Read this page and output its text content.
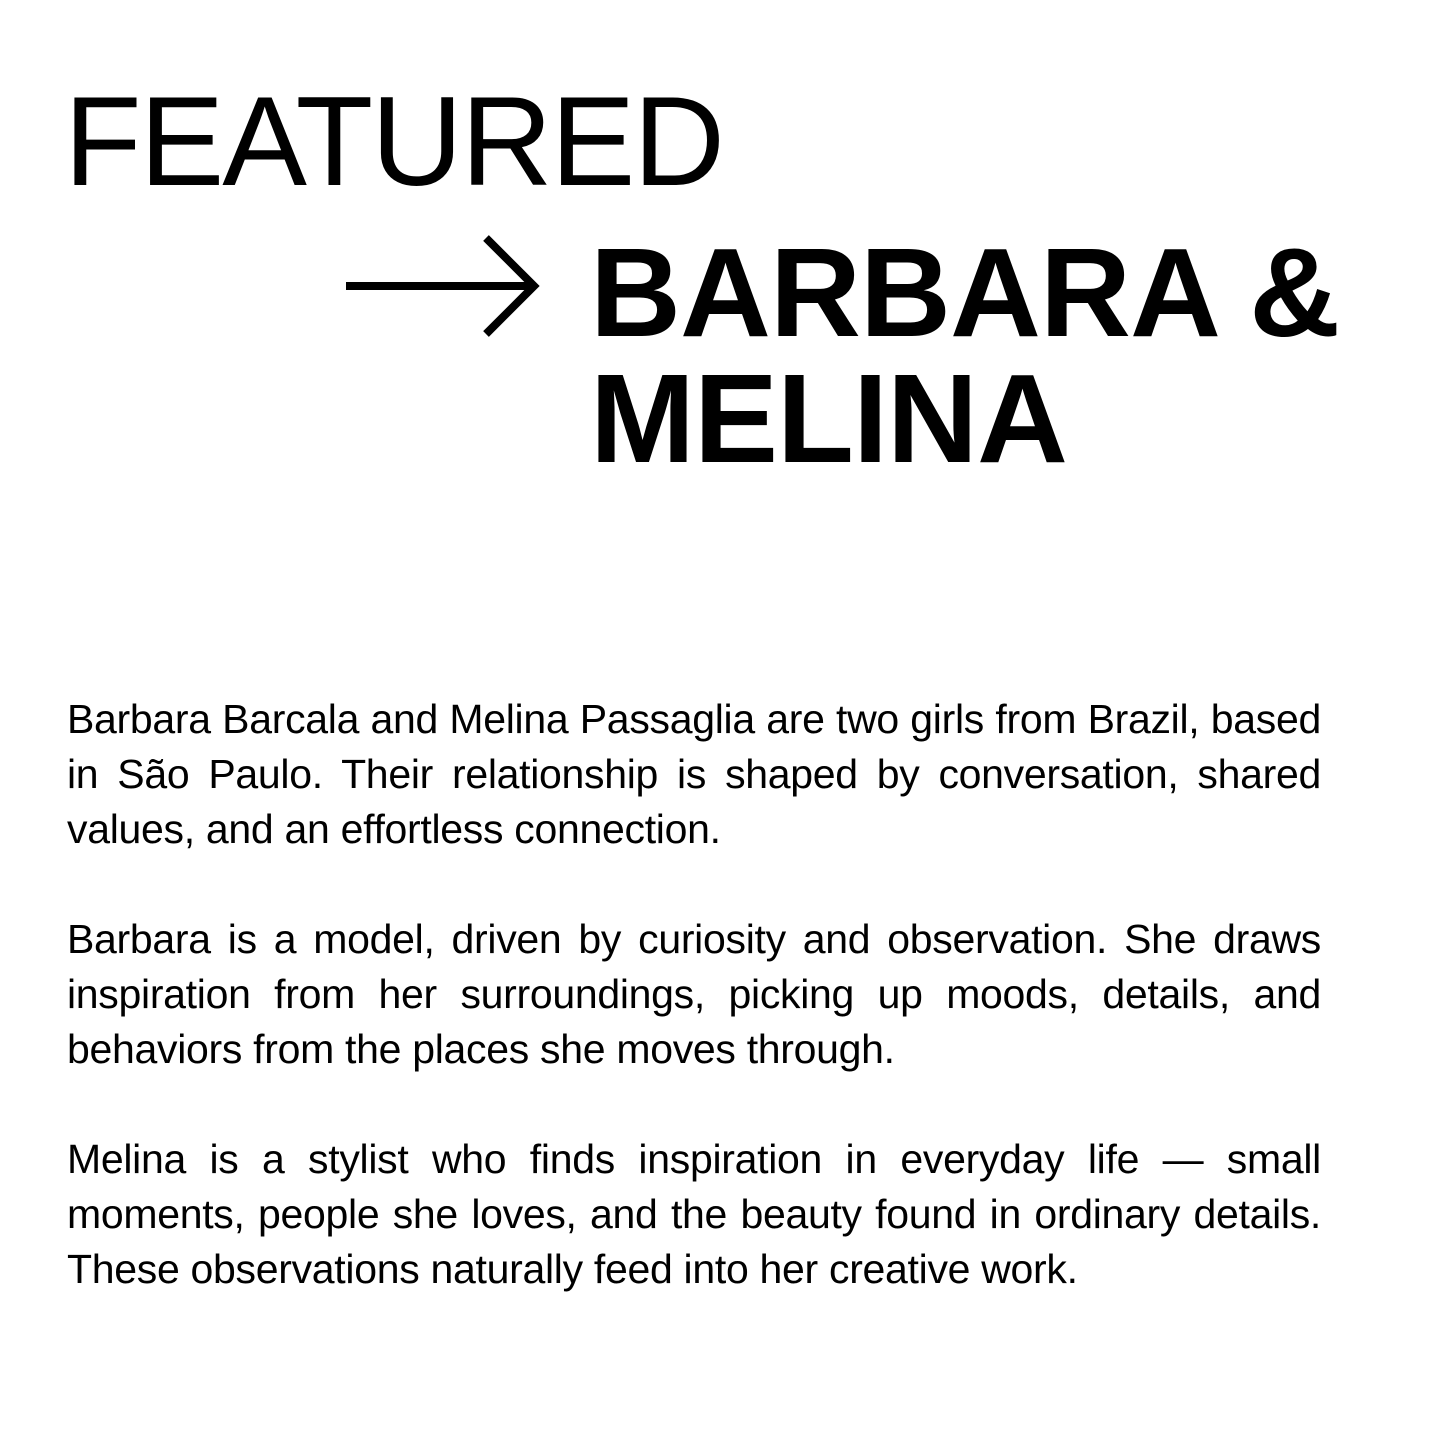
FEATURED
BARBARA &
MELINA

Barbara Barcala and Melina Passaglia are two girls from Brazil, based in São Paulo. Their relationship is shaped by conversation, shared values, and an effortless connection.

Barbara is a model, driven by curiosity and observation. She draws inspiration from her surroundings, picking up moods, details, and behaviors from the places she moves through.

Melina is a stylist who finds inspiration in everyday life — small moments, people she loves, and the beauty found in ordinary details. These observations naturally feed into her creative work.
